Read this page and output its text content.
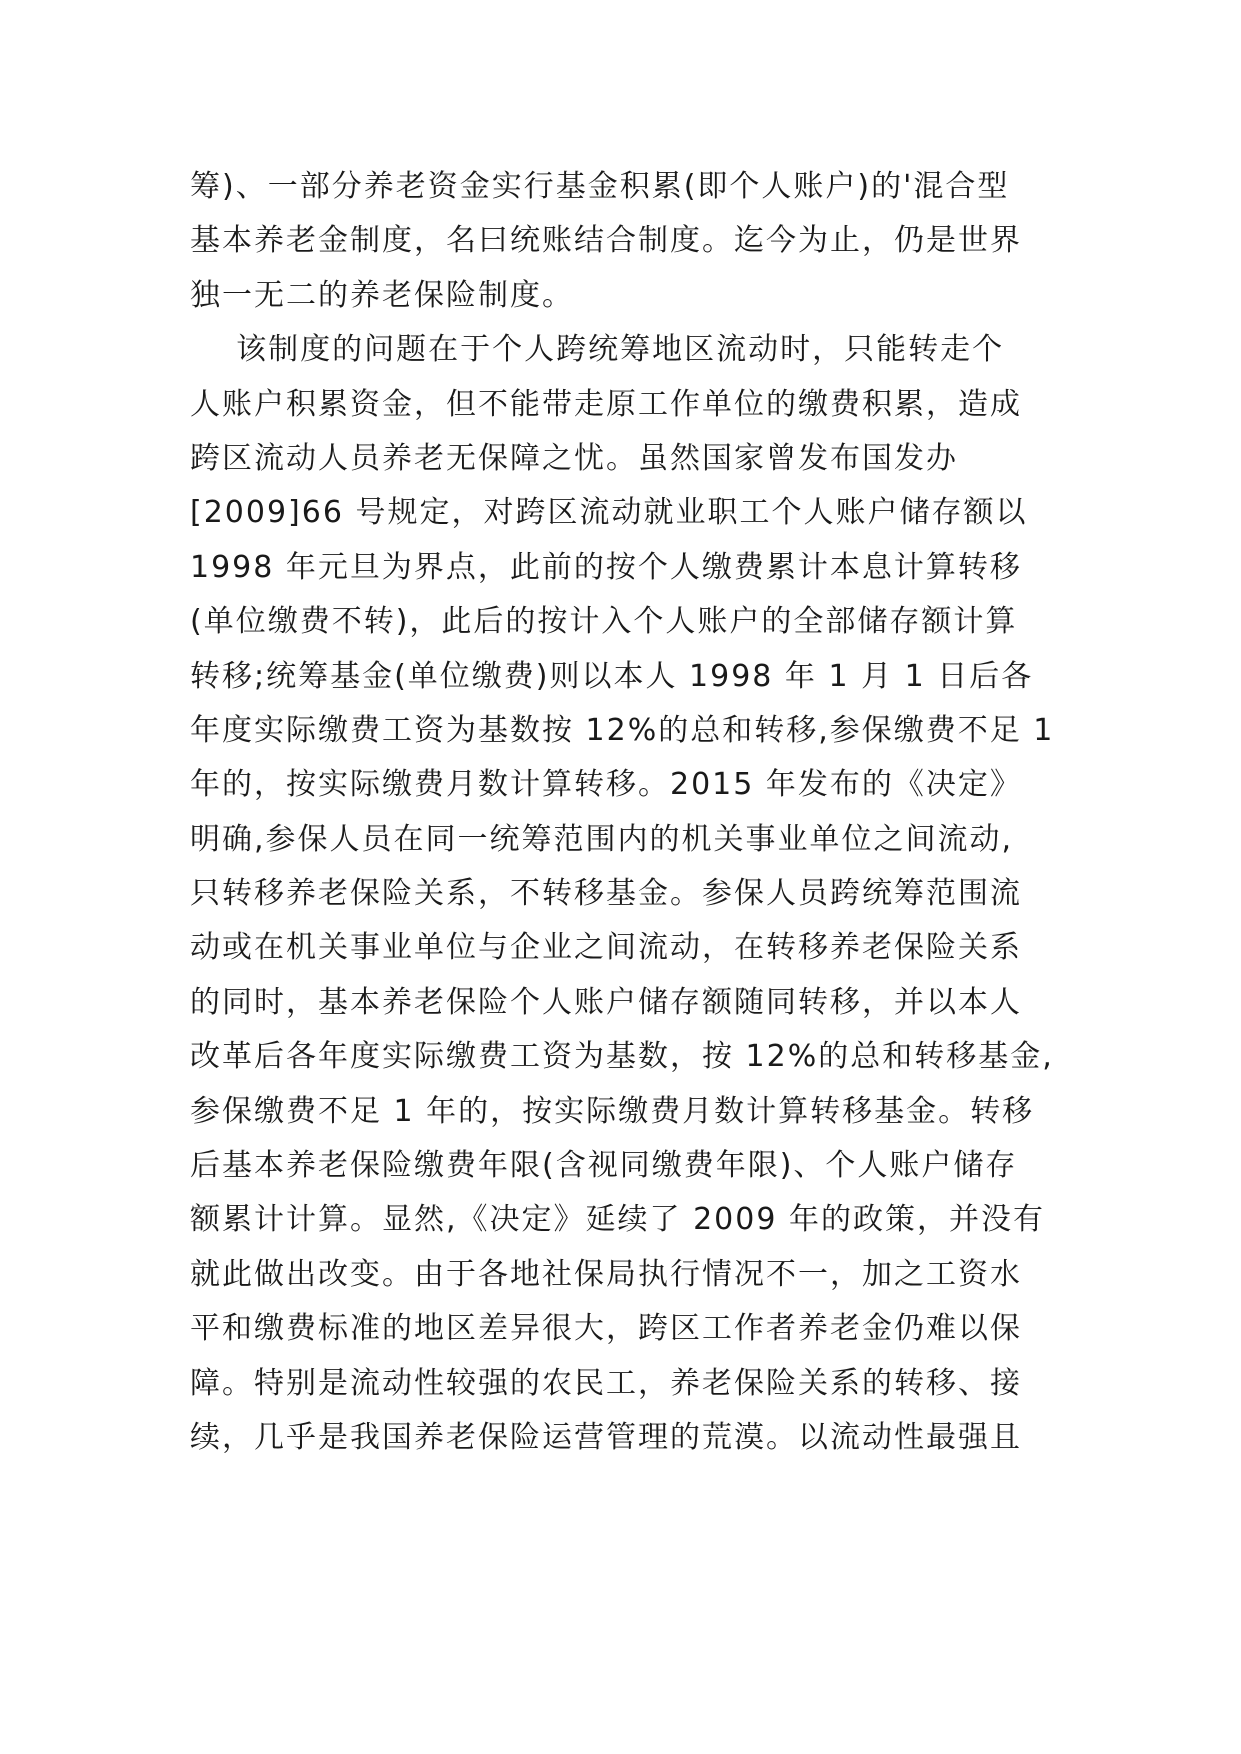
筹)、一部分养老资金实行基金积累(即个人账户)的'混合型
基本养老金制度，名曰统账结合制度。迄今为止，仍是世界
独一无二的养老保险制度。
该制度的问题在于个人跨统筹地区流动时，只能转走个
人账户积累资金，但不能带走原工作单位的缴费积累，造成
跨区流动人员养老无保障之忧。虽然国家曾发布国发办
[2009]66 号规定，对跨区流动就业职工个人账户储存额以
1998 年元旦为界点，此前的按个人缴费累计本息计算转移
(单位缴费不转)，此后的按计入个人账户的全部储存额计算
转移;统筹基金(单位缴费)则以本人 1998 年 1 月 1 日后各
年度实际缴费工资为基数按 12%的总和转移,参保缴费不足 1
年的，按实际缴费月数计算转移。2015 年发布的《决定》
明确,参保人员在同一统筹范围内的机关事业单位之间流动,
只转移养老保险关系，不转移基金。参保人员跨统筹范围流
动或在机关事业单位与企业之间流动，在转移养老保险关系
的同时，基本养老保险个人账户储存额随同转移，并以本人
改革后各年度实际缴费工资为基数，按 12%的总和转移基金,
参保缴费不足 1 年的，按实际缴费月数计算转移基金。转移
后基本养老保险缴费年限(含视同缴费年限)、个人账户储存
额累计计算。显然,《决定》延续了 2009 年的政策，并没有
就此做出改变。由于各地社保局执行情况不一，加之工资水
平和缴费标准的地区差异很大，跨区工作者养老金仍难以保
障。特别是流动性较强的农民工，养老保险关系的转移、接
续，几乎是我国养老保险运营管理的荒漠。以流动性最强且
